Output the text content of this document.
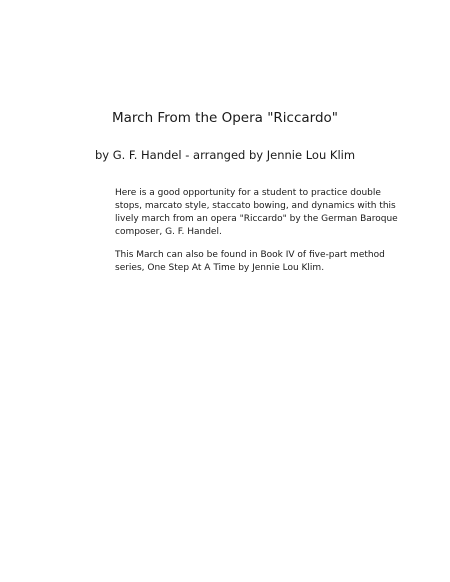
March From the Opera "Riccardo"
by G. F. Handel - arranged by Jennie Lou Klim

Here is a good opportunity for a student to practice double stops, marcato style, staccato bowing, and dynamics with this lively march from an opera "Riccardo" by the German Baroque composer, G. F. Handel.

This March can also be found in Book IV of five-part method series, One Step At A Time by Jennie Lou Klim.
